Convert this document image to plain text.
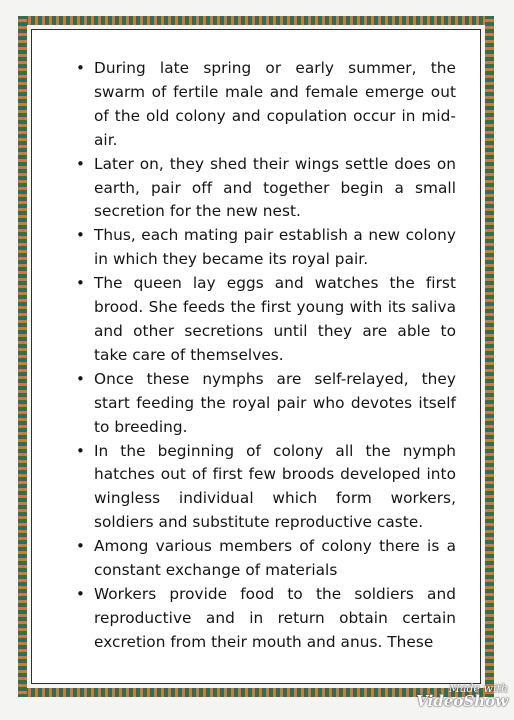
• During late spring or early summer, the swarm of fertile male and female emerge out of the old colony and copulation occur in mid-air.
• Later on, they shed their wings settle does on earth, pair off and together begin a small secretion for the new nest.
• Thus, each mating pair establish a new colony in which they became its royal pair.
• The queen lay eggs and watches the first brood. She feeds the first young with its saliva and other secretions until they are able to take care of themselves.
• Once these nymphs are self-relayed, they start feeding the royal pair who devotes itself to breeding.
• In the beginning of colony all the nymph hatches out of first few broods developed into wingless individual which form workers, soldiers and substitute reproductive caste.
• Among various members of colony there is a constant exchange of materials
• Workers provide food to the soldiers and reproductive and in return obtain certain excretion from their mouth and anus. These
Made with
VideoShow
